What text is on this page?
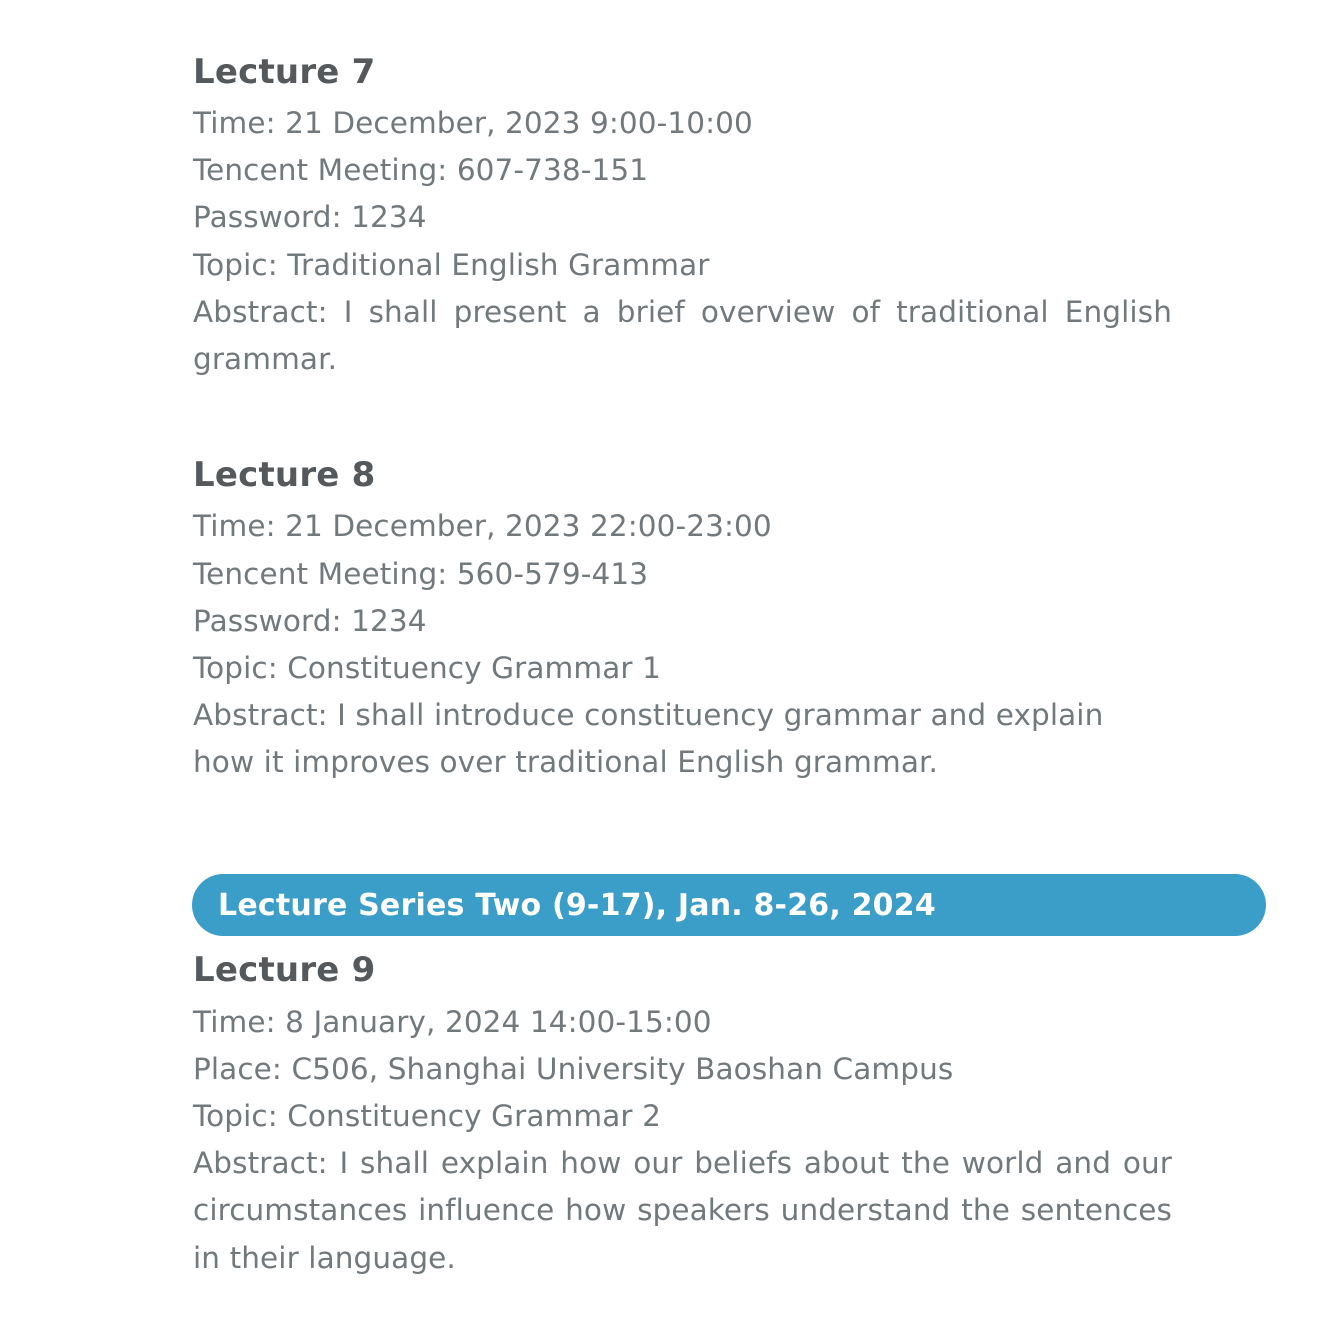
Lecture 7

Time: 21 December, 2023 9:00-10:00

Tencent Meeting: 607-738-151

Password: 1234

Topic: Traditional English Grammar

Abstract: I shall present a brief overview of traditional English grammar.

Lecture 8

Time: 21 December, 2023 22:00-23:00

Tencent Meeting: 560-579-413

Password: 1234

Topic: Constituency Grammar 1

Abstract: I shall introduce constituency grammar and explain how it improves over traditional English grammar.

Lecture Series Two (9-17), Jan. 8-26, 2024
Lecture 9

Time: 8 January, 2024 14:00-15:00

Place: C506, Shanghai University Baoshan Campus

Topic: Constituency Grammar 2

Abstract: I shall explain how our beliefs about the world and our circumstances influence how speakers understand the sentences in their language.
